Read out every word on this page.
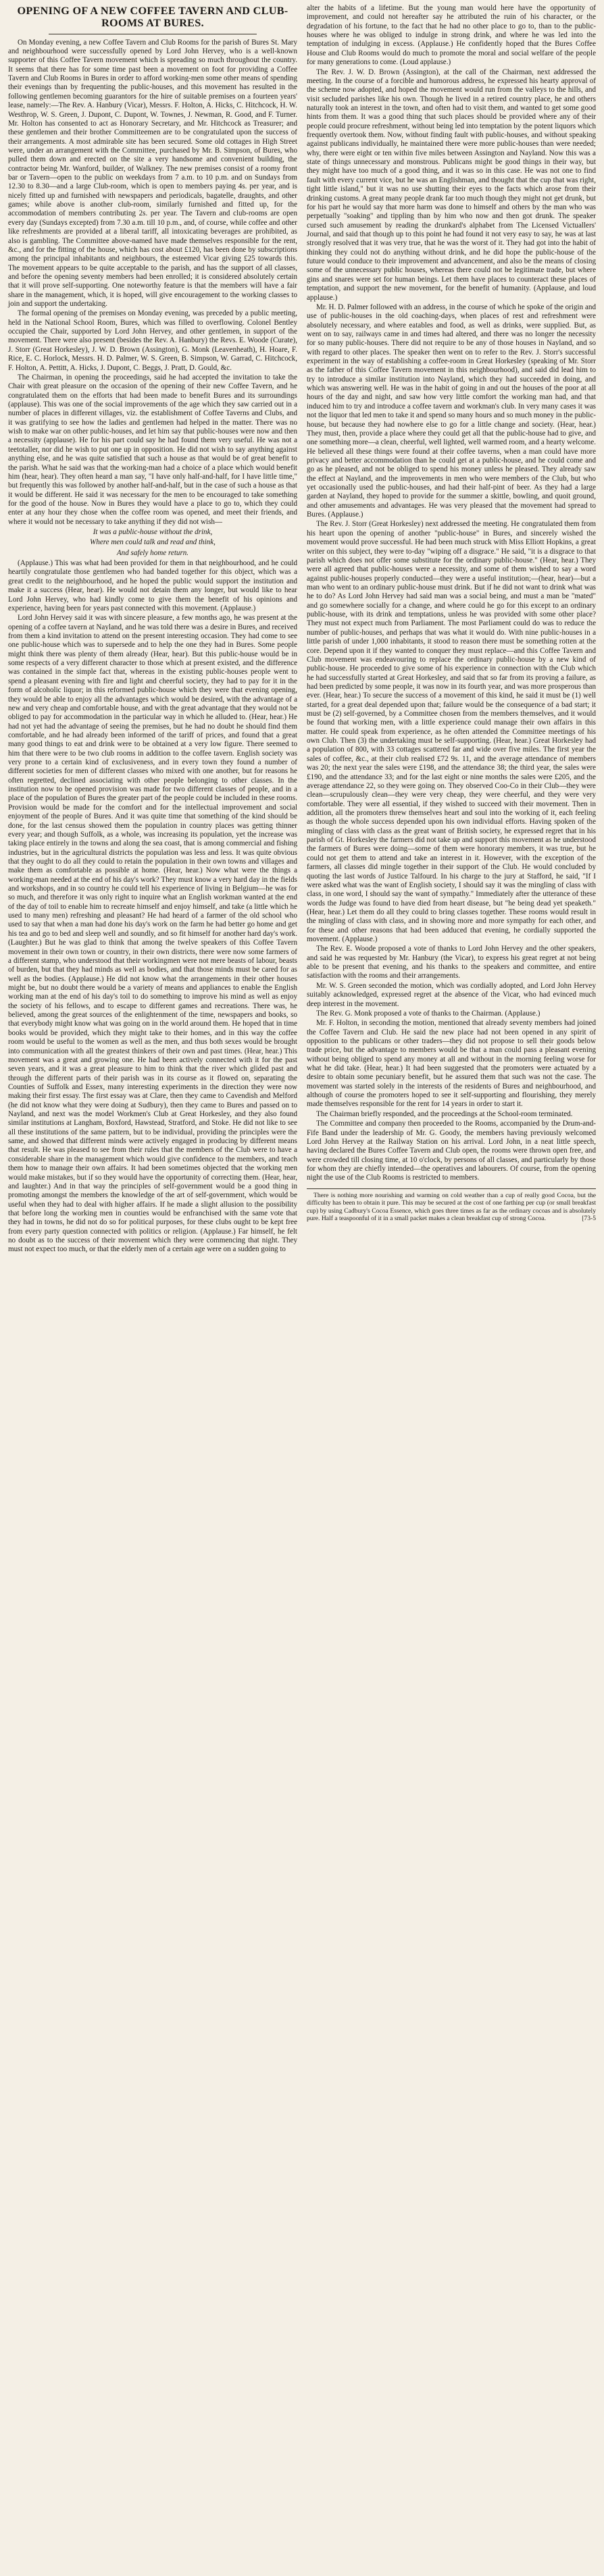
OPENING OF A NEW COFFEE TAVERN AND CLUB-ROOMS AT BURES.

On Monday evening, a new Coffee Tavern and Club Rooms for the parish of Bures St. Mary and neighbourhood were successfully opened by Lord John Hervey, who is a well-known supporter of this Coffee Tavern movement which is spreading so much throughout the country. It seems that there has for some time past been a movement on foot for providing a Coffee Tavern and Club Rooms in Bures in order to afford working-men some other means of spending their evenings than by frequenting the public-houses, and this movement has resulted in the following gentlemen becoming guarantors for the hire of suitable premises on a fourteen years' lease, namely:—The Rev. A. Hanbury (Vicar), Messrs. F. Holton, A. Hicks, C. Hitchcock, H. W. Westhrop, W. S. Green, J. Dupont, C. Dupont, W. Townes, J. Newman, R. Good, and F. Turner. Mr. Holton has consented to act as Honorary Secretary, and Mr. Hitchcock as Treasurer; and these gentlemen and their brother Committeemen are to be congratulated upon the success of their arrangements. A most admirable site has been secured. Some old cottages in High Street were, under an arrangement with the Committee, purchased by Mr. B. Simpson, of Bures, who pulled them down and erected on the site a very handsome and convenient building, the contractor being Mr. Wanford, builder, of Walkney. The new premises consist of a roomy front bar or Tavern—open to the public on weekdays from 7 a.m. to 10 p.m. and on Sundays from 12.30 to 8.30—and a large Club-room, which is open to members paying 4s. per year, and is nicely fitted up and furnished with newspapers and periodicals, bagatelle, draughts, and other games; while above is another club-room, similarly furnished and fitted up, for the accommodation of members contributing 2s. per year. The Tavern and club-rooms are open every day (Sundays excepted) from 7.30 a.m. till 10 p.m., and, of course, while coffee and other like refreshments are provided at a liberal tariff, all intoxicating beverages are prohibited, as also is gambling. The Committee above-named have made themselves responsible for the rent, &c., and for the fitting of the house, which has cost about £120, has been done by subscriptions among the principal inhabitants and neighbours, the esteemed Vicar giving £25 towards this. The movement appears to be quite acceptable to the parish, and has the support of all classes, and before the opening seventy members had been enrolled; it is considered absolutely certain that it will prove self-supporting. One noteworthy feature is that the members will have a fair share in the management, which, it is hoped, will give encouragement to the working classes to join and support the undertaking.

The formal opening of the premises on Monday evening, was preceded by a public meeting, held in the National School Room, Bures, which was filled to overflowing. Colonel Bentley occupied the Chair, supported by Lord John Hervey, and other gentlemen, in support of the movement. There were also present (besides the Rev. A. Hanbury) the Revs. E. Woode (Curate), J. Storr (Great Horkesley), J. W. D. Brown (Assington), G. Monk (Leavenheath), H. Hoare, F. Rice, E. C. Horlock, Messrs. H. D. Palmer, W. S. Green, B. Simpson, W. Garrad, C. Hitchcock, F. Holton, A. Pettitt, A. Hicks, J. Dupont, C. Beggs, J. Pratt, D. Gould, &c.

The Chairman, in opening the proceedings, said he had accepted the invitation to take the Chair with great pleasure on the occasion of the opening of their new Coffee Tavern, and he congratulated them on the efforts that had been made to benefit Bures and its surroundings (applause). This was one of the social improvements of the age which they saw carried out in a number of places in different villages, viz. the establishment of Coffee Taverns and Clubs, and it was gratifying to see how the ladies and gentlemen had helped in the matter. There was no wish to make war on other public-houses, and let him say that public-houses were now and then a necessity (applause). He for his part could say he had found them very useful. He was not a teetotaller, nor did he wish to put one up in opposition. He did not wish to say anything against anything else, and he was quite satisfied that such a house as that would be of great benefit to the parish. What he said was that the working-man had a choice of a place which would benefit him (hear, hear). They often heard a man say, "I have only half-and-half, for I have little time," but frequently this was followed by another half-and-half, but in the case of such a house as that it would be different. He said it was necessary for the men to be encouraged to take something for the good of the house. Now in Bures they would have a place to go to, which they could enter at any hour they chose when the coffee room was opened, and meet their friends, and where it would not be necessary to take anything if they did not wish—

It was a public-house without the drink,
Where men could talk and read and think,
And safely home return.

(Applause.) This was what had been provided for them in that neighbourhood, and he could heartily congratulate those gentlemen who had banded together for this object, which was a great credit to the neighbourhood, and he hoped the public would support the institution and make it a success (Hear, hear). He would not detain them any longer, but would like to hear Lord John Hervey, who had kindly come to give them the benefit of his opinions and experience, having been for years past connected with this movement. (Applause.)

Lord John Hervey said it was with sincere pleasure, a few months ago, he was present at the opening of a coffee tavern at Nayland, and he was told there was a desire in Bures, and received from them a kind invitation to attend on the present interesting occasion. They had come to see one public-house which was to supersede and to help the one they had in Bures. Some people might think there was plenty of them already (Hear, hear). But this public-house would be in some respects of a very different character to those which at present existed, and the difference was contained in the simple fact that, whereas in the existing public-houses people went to spend a pleasant evening with fire and light and cheerful society, they had to pay for it in the form of alcoholic liquor; in this reformed public-house which they were that evening opening, they would be able to enjoy all the advantages which would be desired, with the advantage of a new and very cheap and comfortable house, and with the great advantage that they would not be obliged to pay for accommodation in the particular way in which he alluded to. (Hear, hear.) He had not yet had the advantage of seeing the premises, but he had no doubt he should find them comfortable, and he had already been informed of the tariff of prices, and found that a great many good things to eat and drink were to be obtained at a very low figure. There seemed to him that there were to be two club rooms in addition to the coffee tavern. English society was very prone to a certain kind of exclusiveness, and in every town they found a number of different societies for men of different classes who mixed with one another, but for reasons he often regretted, declined associating with other people belonging to other classes. In the institution now to be opened provision was made for two different classes of people, and in a place of the population of Bures the greater part of the people could be included in these rooms. Provision would be made for the comfort and for the intellectual improvement and social enjoyment of the people of Bures. And it was quite time that something of the kind should be done, for the last census showed them the population in country places was getting thinner every year; and though Suffolk, as a whole, was increasing its population, yet the increase was taking place entirely in the towns and along the sea coast, that is among commercial and fishing industries, but in the agricultural districts the population was less and less. It was quite obvious that they ought to do all they could to retain the population in their own towns and villages and make them as comfortable as possible at home. (Hear, hear.) Now what were the things a working-man needed at the end of his day's work? They must know a very hard day in the fields and workshops, and in so country he could tell his experience of living in Belgium—he was for so much, and therefore it was only right to inquire what an English workman wanted at the end of the day of toil to enable him to recreate himself and enjoy himself, and take (a little which he used to many men) refreshing and pleasant? He had heard of a farmer of the old school who used to say that when a man had done his day's work on the farm he had better go home and get his tea and go to bed and sleep well and soundly, and so fit himself for another hard day's work. (Laughter.) But he was glad to think that among the twelve speakers of this Coffee Tavern movement in their own town or country, in their own districts, there were now some farmers of a different stamp, who understood that their workingmen were not mere beasts of labour, beasts of burden, but that they had minds as well as bodies, and that those minds must be cared for as well as the bodies. (Applause.) He did not know what the arrangements in their other houses might be, but no doubt there would be a variety of means and appliances to enable the English working man at the end of his day's toil to do something to improve his mind as well as enjoy the society of his fellows, and to escape to different games and recreations. There was, he believed, among the great sources of the enlightenment of the time, newspapers and books, so that everybody might know what was going on in the world around them. He hoped that in time books would be provided, which they might take to their homes, and in this way the coffee room would be useful to the women as well as the men, and thus both sexes would be brought into communication with all the greatest thinkers of their own and past times. (Hear, hear.) This movement was a great and growing one. He had been actively connected with it for the past seven years, and it was a great pleasure to him to think that the river which glided past and through the different parts of their parish was in its course as it flowed on, separating the Counties of Suffolk and Essex, many interesting experiments in the direction they were now making their first essay. The first essay was at Clare, then they came to Cavendish and Melford (he did not know what they were doing at Sudbury), then they came to Bures and passed on to Nayland, and next was the model Workmen's Club at Great Horkesley, and they also found similar institutions at Langham, Boxford, Hawstead, Stratford, and Stoke. He did not like to see all these institutions of the same pattern, but to be individual, providing the principles were the same, and showed that different minds were actively engaged in producing by different means that result. He was pleased to see from their rules that the members of the Club were to have a considerable share in the management which would give confidence to the members, and teach them how to manage their own affairs. It had been sometimes objected that the working men would make mistakes, but if so they would have the opportunity of correcting them. (Hear, hear, and laughter.) And in that way the principles of self-government would be a good thing in promoting amongst the members the knowledge of the art of self-government, which would be useful when they had to deal with higher affairs. If he made a slight allusion to the possibility that before long the working men in counties would be enfranchised with the same vote that they had in towns, he did not do so for political purposes, for these clubs ought to be kept free from every party question connected with politics or religion. (Applause.) Far himself, he felt no doubt as to the success of their movement which they were commencing that night. They must not expect too much, or that the elderly men of a certain age were on a sudden going to

alter the habits of a lifetime. But the young man would here have the opportunity of improvement, and could not hereafter say he attributed the ruin of his character, or the degradation of his fortune, to the fact that he had no other place to go to, than to the public-houses where he was obliged to indulge in strong drink, and where he was led into the temptation of indulging in excess. (Applause.) He confidently hoped that the Bures Coffee House and Club Rooms would do much to promote the moral and social welfare of the people for many generations to come. (Loud applause.)

The Rev. J. W. D. Brown (Assington), at the call of the Chairman, next addressed the meeting. In the course of a forcible and humorous address, he expressed his hearty approval of the scheme now adopted, and hoped the movement would run from the valleys to the hills, and visit secluded parishes like his own. Though he lived in a retired country place, he and others naturally took an interest in the town, and often had to visit them, and wanted to get some good hints from them. It was a good thing that such places should be provided where any of their people could procure refreshment, without being led into temptation by the potent liquors which frequently overtook them. Now, without finding fault with public-houses, and without speaking against publicans individually, he maintained there were more public-houses than were needed; why, there were eight or ten within five miles between Assington and Nayland. Now this was a state of things unnecessary and monstrous. Publicans might be good things in their way, but they might have too much of a good thing, and it was so in this case. He was not one to find fault with every current vice, but he was an Englishman, and thought that the cup that was right, tight little island," but it was no use shutting their eyes to the facts which arose from their drinking customs. A great many people drank far too much though they might not get drunk, but for his part he would say that more harm was done to himself and others by the man who was perpetually "soaking" and tippling than by him who now and then got drunk. The speaker cursed such amusement by reading the drunkard's alphabet from The Licensed Victuallers' Journal, and said that though up to this point he had found it not very easy to say, he was at last strongly resolved that it was very true, that he was the worst of it. They had got into the habit of thinking they could not do anything without drink, and he did hope the public-house of the future would conduce to their improvement and advancement, and also be the means of closing some of the unnecessary public houses, whereas there could not be legitimate trade, but where gins and snares were set for human beings. Let them have places to counteract these places of temptation, and support the new movement, for the benefit of humanity. (Applause, and loud applause.)

Mr. H. D. Palmer followed with an address, in the course of which he spoke of the origin and use of public-houses in the old coaching-days, when places of rest and refreshment were absolutely necessary, and where eatables and food, as well as drinks, were supplied. But, as went on to say, railways came in and times had altered, and there was no longer the necessity for so many public-houses. There did not require to be any of those houses in Nayland, and so with regard to other places. The speaker then went on to refer to the Rev. J. Storr's successful experiment in the way of establishing a coffee-room in Great Horkesley (speaking of Mr. Storr as the father of this Coffee Tavern movement in this neighbourhood), and said did lead him to try to introduce a similar institution into Nayland, which they had succeeded in doing, and which was answering well. He was in the habit of going in and out the houses of the poor at all hours of the day and night, and saw how very little comfort the working man had, and that induced him to try and introduce a coffee tavern and workman's club. In very many cases it was not the liquor that led men to take it and spend so many hours and so much money in the public-house, but because they had nowhere else to go for a little change and society. (Hear, hear.) They must, then, provide a place where they could get all that the public-house had to give, and one something more—a clean, cheerful, well lighted, well warmed room, and a hearty welcome. He believed all these things were found at their coffee taverns, when a man could have more privacy and better accommodation than he could get at a public-house, and he could come and go as he pleased, and not be obliged to spend his money unless he pleased. They already saw the effect at Nayland, and the improvements in men who were members of the Club, but who yet occasionally used the public-houses, and had their half-pint of beer. As they had a large garden at Nayland, they hoped to provide for the summer a skittle, bowling, and quoit ground, and other amusements and advantages. He was very pleased that the movement had spread to Bures. (Applause.)

The Rev. J. Storr (Great Horkesley) next addressed the meeting. He congratulated them from his heart upon the opening of another "public-house" in Bures, and sincerely wished the movement would prove successful. He had been much struck with Miss Elliott Hopkins, a great writer on this subject, they were to-day "wiping off a disgrace." He said, "it is a disgrace to that parish which does not offer some substitute for the ordinary public-house." (Hear, hear.) They were all agreed that public-houses were a necessity, and some of them wished to say a word against public-houses properly conducted—they were a useful institution;—(hear, hear)—but a man who went to an ordinary public-house must drink. But if he did not want to drink what was he to do? As Lord John Hervey had said man was a social being, and must a man be "mated" and go somewhere socially for a change, and where could he go for this except to an ordinary public-house, with its drink and temptations, unless he was provided with some other place? They must not expect much from Parliament. The most Parliament could do was to reduce the number of public-houses, and perhaps that was what it would do. With nine public-houses in a little parish of under 1,000 inhabitants, it stood to reason there must be something rotten at the core. Depend upon it if they wanted to conquer they must replace—and this Coffee Tavern and Club movement was endeavouring to replace the ordinary public-house by a new kind of public-house. He proceeded to give some of his experience in connection with the Club which he had successfully started at Great Horkesley, and said that so far from its proving a failure, as had been predicted by some people, it was now in its fourth year, and was more prosperous than ever. (Hear, hear.) To secure the success of a movement of this kind, he said it must be (1) well started, for a great deal depended upon that; failure would be the consequence of a bad start; it must be (2) self-governed, by a Committee chosen from the members themselves, and it would be found that working men, with a little experience could manage their own affairs in this matter. He could speak from experience, as he often attended the Committee meetings of his own Club. Then (3) the undertaking must be self-supporting. (Hear, hear.) Great Horkesley had a population of 800, with 33 cottages scattered far and wide over five miles. The first year the sales of coffee, &c., at their club realised £72 9s. 11, and the average attendance of members was 20; the next year the sales were £198, and the attendance 38; the third year, the sales were £190, and the attendance 33; and for the last eight or nine months the sales were £205, and the average attendance 22, so they were going on. They observed Coo-Co in their Club—they were clean—scrupulously clean—they were very cheap, they were cheerful, and they were very comfortable. They were all essential, if they wished to succeed with their movement. Then in addition, all the promoters threw themselves heart and soul into the working of it, each feeling as though the whole success depended upon his own individual efforts. Having spoken of the mingling of class with class as the great want of British society, he expressed regret that in his parish of Gt. Horkesley the farmers did not take up and support this movement as he understood the farmers of Bures were doing—some of them were honorary members, it was true, but he could not get them to attend and take an interest in it. However, with the exception of the farmers, all classes did mingle together in their support of the Club. He would concluded by quoting the last words of Justice Talfourd. In his charge to the jury at Stafford, he said, "If I were asked what was the want of English society, I should say it was the mingling of class with class, in one word, I should say the want of sympathy." Immediately after the utterance of these words the Judge was found to have died from heart disease, but "he being dead yet speaketh." (Hear, hear.) Let them do all they could to bring classes together. These rooms would result in the mingling of class with class, and in showing more and more sympathy for each other, and for these and other reasons that had been adduced that evening, he cordially supported the movement. (Applause.)

The Rev. E. Woode proposed a vote of thanks to Lord John Hervey and the other speakers, and said he was requested by Mr. Hanbury (the Vicar), to express his great regret at not being able to be present that evening, and his thanks to the speakers and committee, and entire satisfaction with the rooms and their arrangements.

Mr. W. S. Green seconded the motion, which was cordially adopted, and Lord John Hervey suitably acknowledged, expressed regret at the absence of the Vicar, who had evinced much deep interest in the movement.

The Rev. G. Monk proposed a vote of thanks to the Chairman. (Applause.)

Mr. F. Holton, in seconding the motion, mentioned that already seventy members had joined the Coffee Tavern and Club. He said the new place had not been opened in any spirit of opposition to the publicans or other traders—they did not propose to sell their goods below trade price, but the advantage to members would be that a man could pass a pleasant evening without being obliged to spend any money at all and without in the morning feeling worse for what he did take. (Hear, hear.) It had been suggested that the promoters were actuated by a desire to obtain some pecuniary benefit, but he assured them that such was not the case. The movement was started solely in the interests of the residents of Bures and neighbourhood, and although of course the promoters hoped to see it self-supporting and flourishing, they merely made themselves responsible for the rent for 14 years in order to start it.

The Chairman briefly responded, and the proceedings at the School-room terminated.

The Committee and company then proceeded to the Rooms, accompanied by the Drum-and-Fife Band under the leadership of Mr. G. Goody, the members having previously welcomed Lord John Hervey at the Railway Station on his arrival. Lord John, in a neat little speech, having declared the Bures Coffee Tavern and Club open, the rooms were thrown open free, and were crowded till closing time, at 10 o'clock, by persons of all classes, and particularly by those for whom they are chiefly intended—the operatives and labourers. Of course, from the opening night the use of the Club Rooms is restricted to members.

There is nothing more nourishing and warming on cold weather than a cup of really good Cocoa, but the difficulty has been to obtain it pure. This may be secured at the cost of one farthing per cup (or small breakfast cup) by using Cadbury's Cocoa Essence, which goes three times as far as the ordinary cocoas and is absolutely pure. Half a teaspoonful of it in a small packet makes a clean breakfast cup of strong Cocoa.	[73-5
